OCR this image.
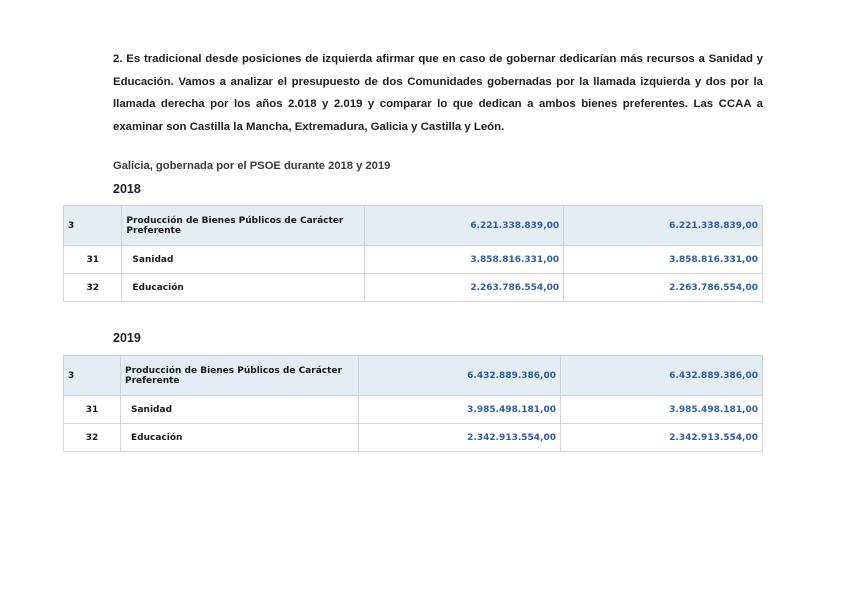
2. Es tradicional desde posiciones de izquierda afirmar que en caso de gobernar dedicarían más recursos a Sanidad y Educación. Vamos a analizar el presupuesto de dos Comunidades gobernadas por la llamada izquierda y dos por la llamada derecha por los años 2.018 y 2.019 y comparar lo que dedican a ambos bienes preferentes. Las CCAA a examinar son Castilla la Mancha, Extremadura, Galicia y Castilla y León.
Galicia, gobernada por el PSOE durante 2018 y 2019
2018
3	Producción de Bienes Públicos de Carácter Preferente	6.221.338.839,00	6.221.338.839,00
31	Sanidad	3.858.816.331,00	3.858.816.331,00
32	Educación	2.263.786.554,00	2.263.786.554,00
2019
3	Producción de Bienes Públicos de Carácter Preferente	6.432.889.386,00	6.432.889.386,00
31	Sanidad	3.985.498.181,00	3.985.498.181,00
32	Educación	2.342.913.554,00	2.342.913.554,00
